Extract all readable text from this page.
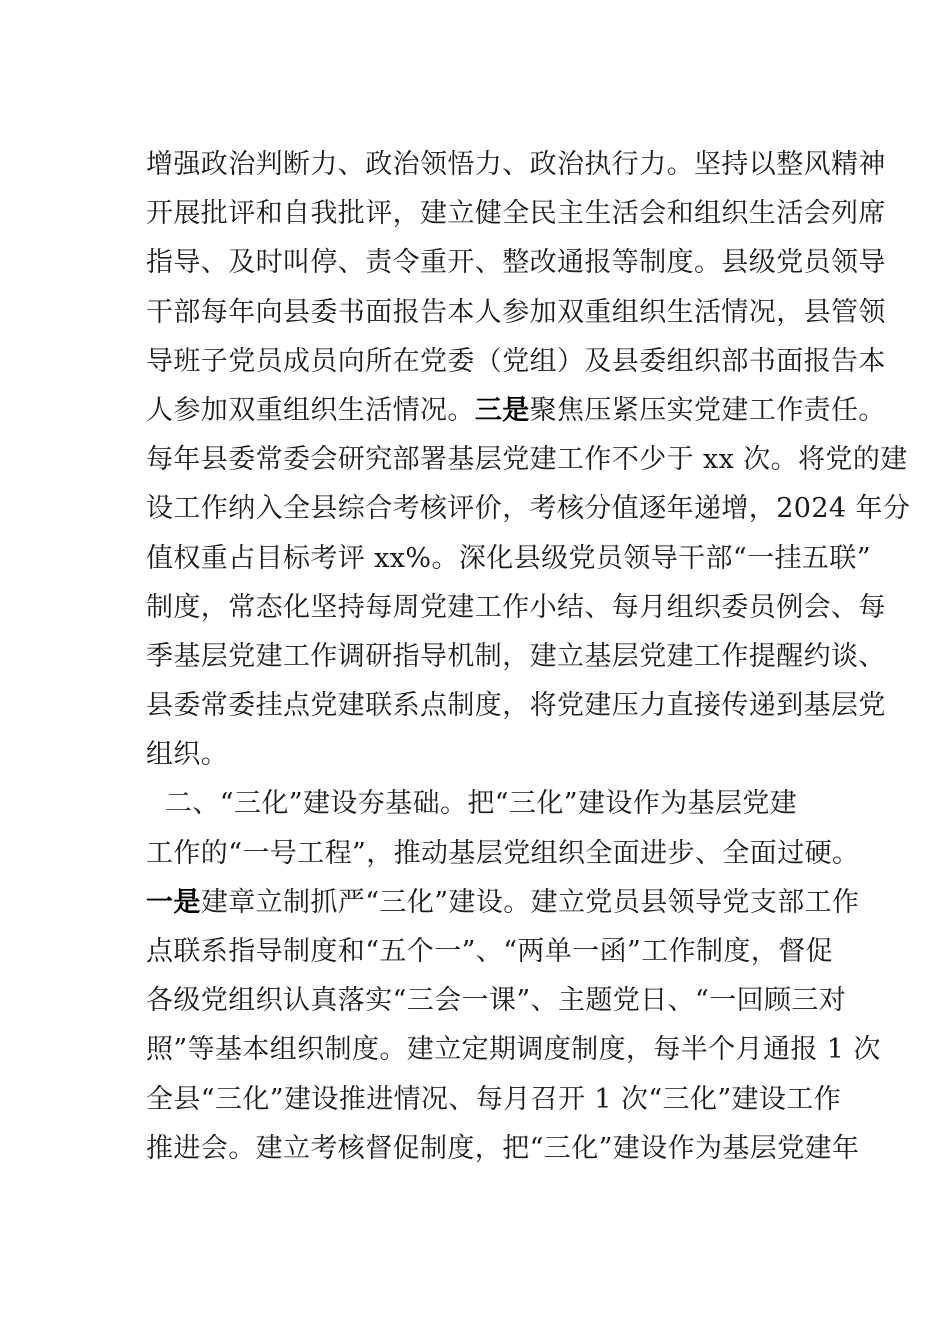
增强政治判断力、政治领悟力、政治执行力。坚持以整风精神
开展批评和自我批评，建立健全民主生活会和组织生活会列席
指导、及时叫停、责令重开、整改通报等制度。县级党员领导
干部每年向县委书面报告本人参加双重组织生活情况，县管领
导班子党员成员向所在党委（党组）及县委组织部书面报告本
人参加双重组织生活情况。三是聚焦压紧压实党建工作责任。
每年县委常委会研究部署基层党建工作不少于 xx 次。将党的建
设工作纳入全县综合考核评价，考核分值逐年递增，2024 年分
值权重占目标考评 xx%。深化县级党员领导干部“一挂五联”
制度，常态化坚持每周党建工作小结、每月组织委员例会、每
季基层党建工作调研指导机制，建立基层党建工作提醒约谈、
县委常委挂点党建联系点制度，将党建压力直接传递到基层党
组织。
二、“三化”建设夯基础。把“三化”建设作为基层党建
工作的“一号工程”，推动基层党组织全面进步、全面过硬。
一是建章立制抓严“三化”建设。建立党员县领导党支部工作
点联系指导制度和“五个一”、“两单一函”工作制度，督促
各级党组织认真落实“三会一课”、主题党日、“一回顾三对
照”等基本组织制度。建立定期调度制度，每半个月通报 1 次
全县“三化”建设推进情况、每月召开 1 次“三化”建设工作
推进会。建立考核督促制度，把“三化”建设作为基层党建年
